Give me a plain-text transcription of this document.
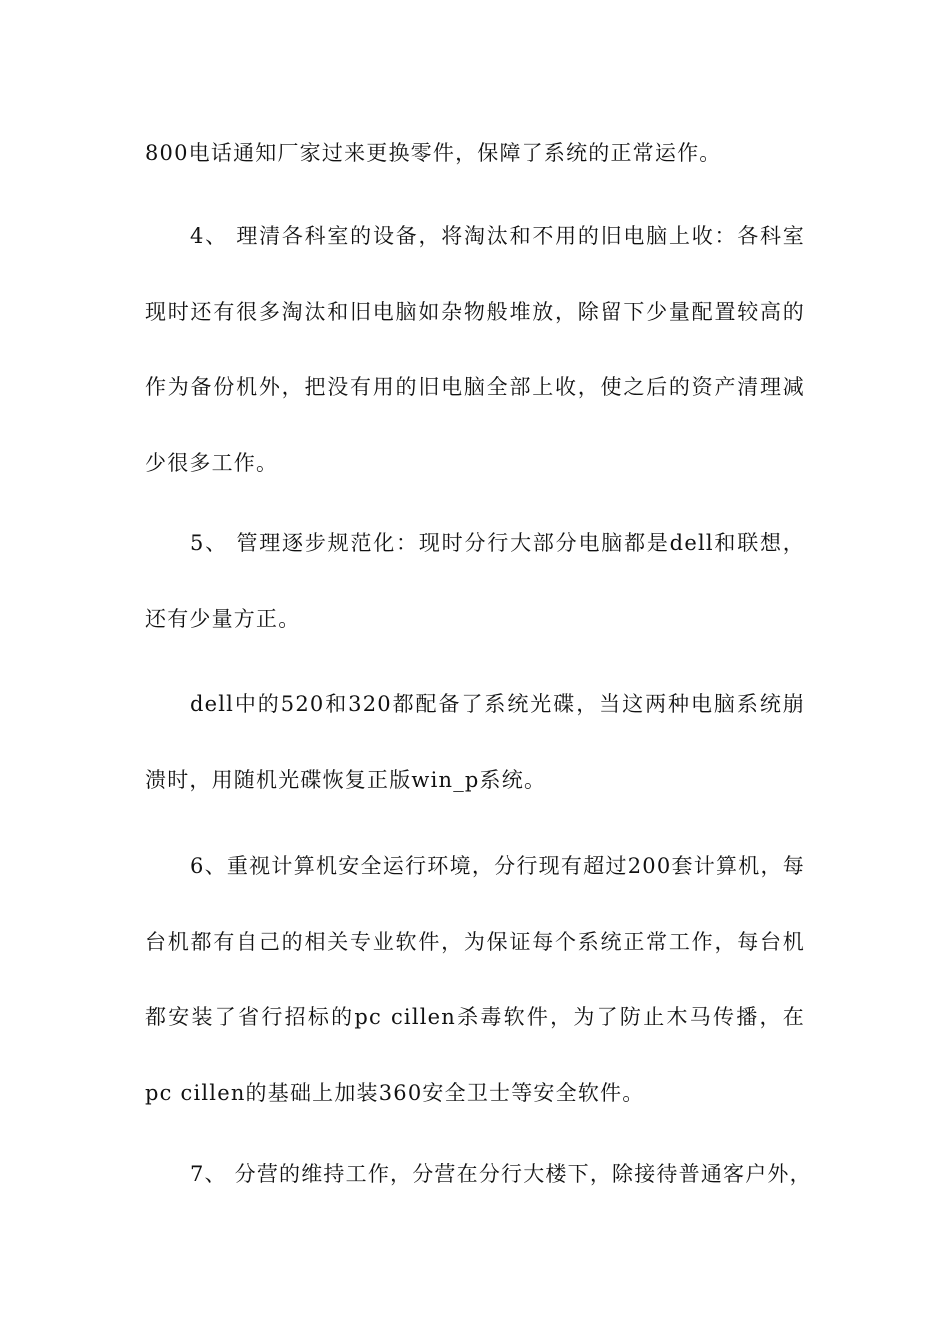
800电话通知厂家过来更换零件，保障了系统的正常运作。
4、 理清各科室的设备，将淘汰和不用的旧电脑上收：各科室
现时还有很多淘汰和旧电脑如杂物般堆放，除留下少量配置较高的
作为备份机外，把没有用的旧电脑全部上收，使之后的资产清理减
少很多工作。
5、 管理逐步规范化：现时分行大部分电脑都是dell和联想，
还有少量方正。
dell中的520和320都配备了系统光碟，当这两种电脑系统崩
溃时，用随机光碟恢复正版win_p系统。
6、重视计算机安全运行环境，分行现有超过200套计算机，每
台机都有自己的相关专业软件，为保证每个系统正常工作，每台机
都安装了省行招标的pc cillen杀毒软件，为了防止木马传播，在
pc cillen的基础上加装360安全卫士等安全软件。
7、 分营的维持工作，分营在分行大楼下，除接待普通客户外，
